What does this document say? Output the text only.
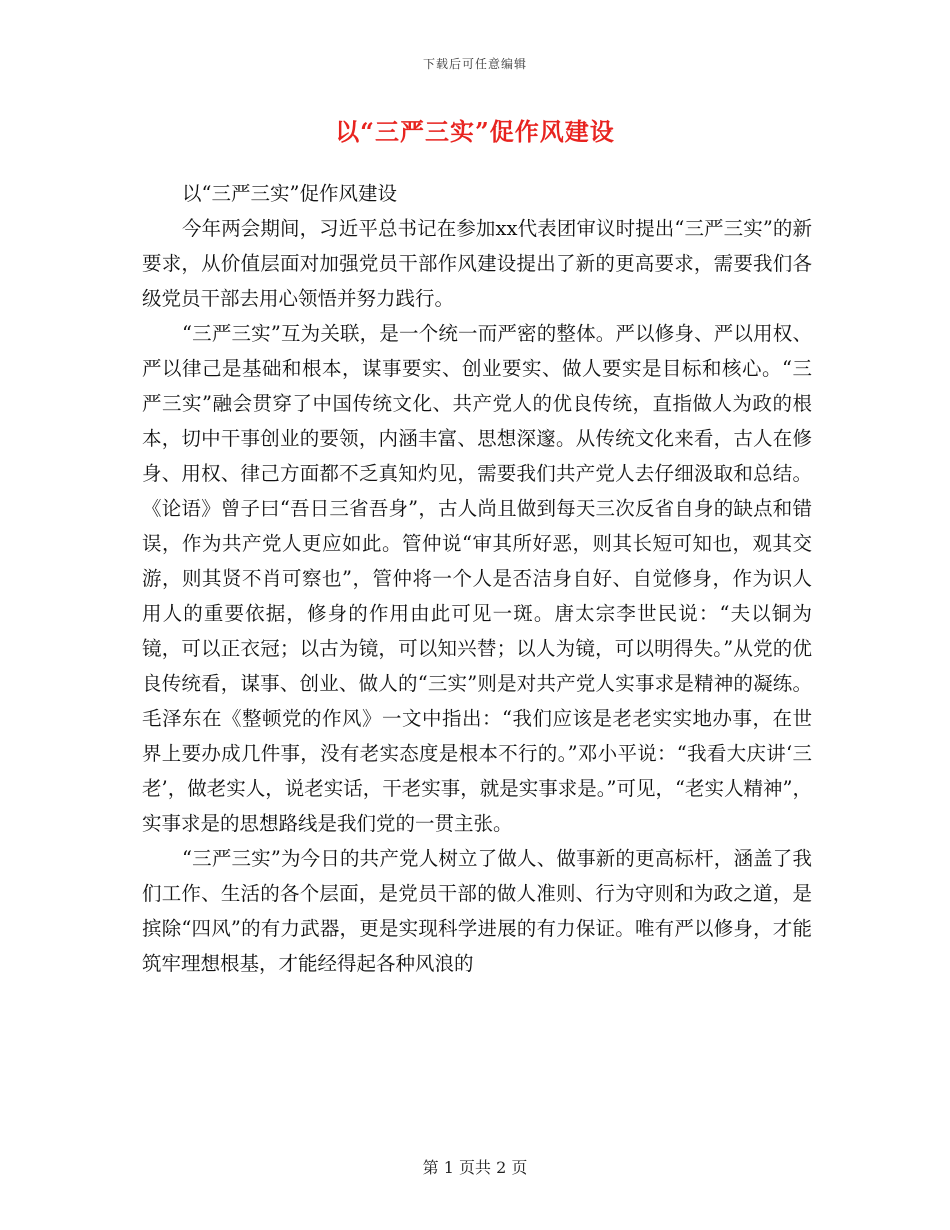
下载后可任意编辑
以“三严三实”促作风建设

以“三严三实”促作风建设

今年两会期间，习近平总书记在参加xx代表团审议时提出“三严三实”的新要求，从价值层面对加强党员干部作风建设提出了新的更高要求，需要我们各级党员干部去用心领悟并努力践行。

“三严三实”互为关联，是一个统一而严密的整体。严以修身、严以用权、严以律己是基础和根本，谋事要实、创业要实、做人要实是目标和核心。“三严三实”融会贯穿了中国传统文化、共产党人的优良传统，直指做人为政的根本，切中干事创业的要领，内涵丰富、思想深邃。从传统文化来看，古人在修身、用权、律己方面都不乏真知灼见，需要我们共产党人去仔细汲取和总结。《论语》曾子曰“吾日三省吾身”，古人尚且做到每天三次反省自身的缺点和错误，作为共产党人更应如此。管仲说“审其所好恶，则其长短可知也，观其交游，则其贤不肖可察也”，管仲将一个人是否洁身自好、自觉修身，作为识人用人的重要依据，修身的作用由此可见一斑。唐太宗李世民说：“夫以铜为镜，可以正衣冠；以古为镜，可以知兴替；以人为镜，可以明得失。”从党的优良传统看，谋事、创业、做人的“三实”则是对共产党人实事求是精神的凝练。毛泽东在《整顿党的作风》一文中指出：“我们应该是老老实实地办事，在世界上要办成几件事，没有老实态度是根本不行的。”邓小平说：“我看大庆讲‘三老’，做老实人，说老实话，干老实事，就是实事求是。”可见，“老实人精神”，实事求是的思想路线是我们党的一贯主张。

“三严三实”为今日的共产党人树立了做人、做事新的更高标杆，涵盖了我们工作、生活的各个层面，是党员干部的做人准则、行为守则和为政之道，是摈除“四风”的有力武器，更是实现科学进展的有力保证。唯有严以修身，才能筑牢理想根基，才能经得起各种风浪的

第 1 页共 2 页
